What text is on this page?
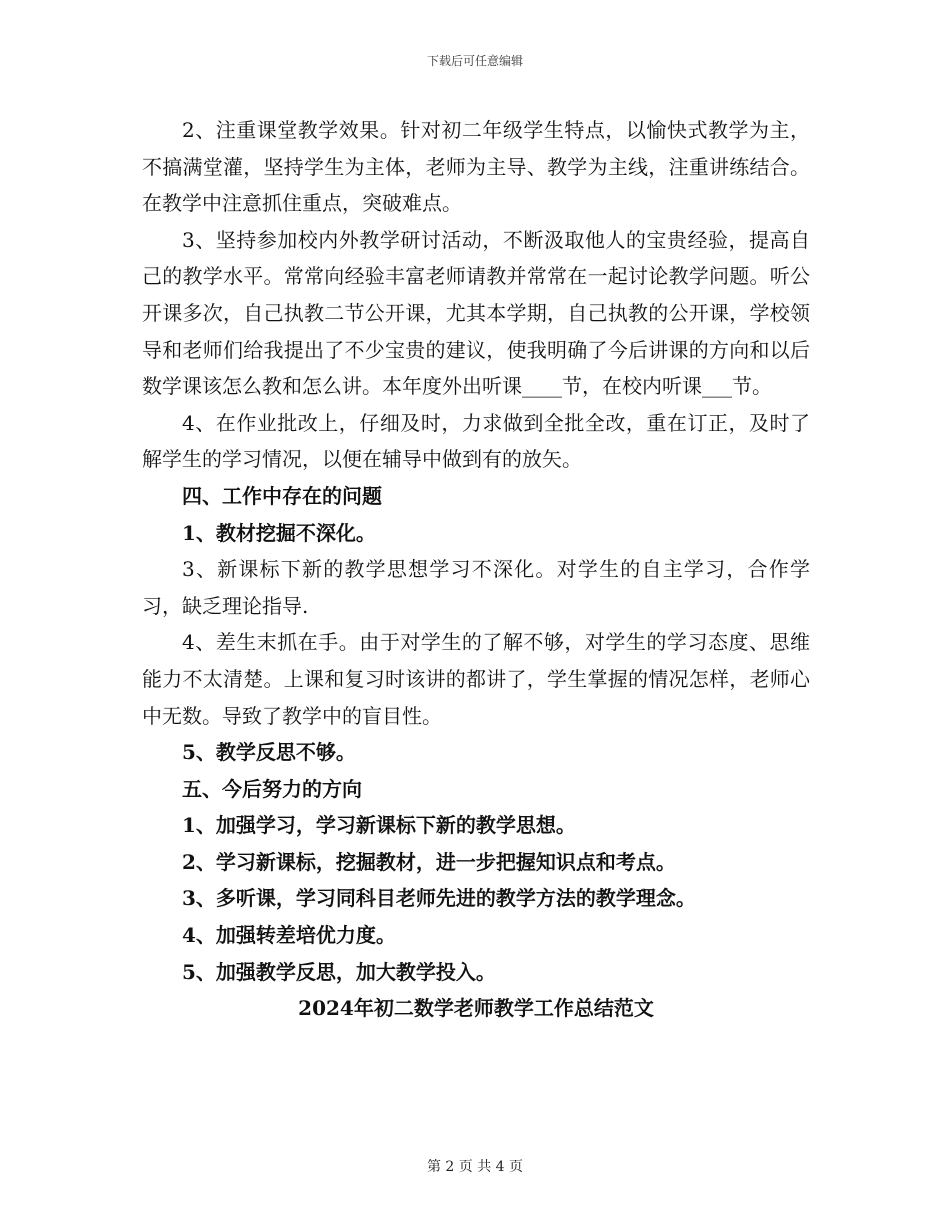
下载后可任意编辑

2、注重课堂教学效果。针对初二年级学生特点，以愉快式教学为主，不搞满堂灌，坚持学生为主体，老师为主导、教学为主线，注重讲练结合。在教学中注意抓住重点，突破难点。

3、坚持参加校内外教学研讨活动，不断汲取他人的宝贵经验，提高自己的教学水平。常常向经验丰富老师请教并常常在一起讨论教学问题。听公开课多次，自己执教二节公开课，尤其本学期，自己执教的公开课，学校领导和老师们给我提出了不少宝贵的建议，使我明确了今后讲课的方向和以后数学课该怎么教和怎么讲。本年度外出听课____节，在校内听课___节。

4、在作业批改上，仔细及时，力求做到全批全改，重在订正，及时了解学生的学习情况，以便在辅导中做到有的放矢。

四、工作中存在的问题

1、教材挖掘不深化。

3、新课标下新的教学思想学习不深化。对学生的自主学习，合作学习，缺乏理论指导.

4、差生末抓在手。由于对学生的了解不够，对学生的学习态度、思维能力不太清楚。上课和复习时该讲的都讲了，学生掌握的情况怎样，老师心中无数。导致了教学中的盲目性。

5、教学反思不够。

五、今后努力的方向

1、加强学习，学习新课标下新的教学思想。

2、学习新课标，挖掘教材，进一步把握知识点和考点。

3、多听课，学习同科目老师先进的教学方法的教学理念。

4、加强转差培优力度。

5、加强教学反思，加大教学投入。

2024年初二数学老师教学工作总结范文

第 2 页 共 4 页
